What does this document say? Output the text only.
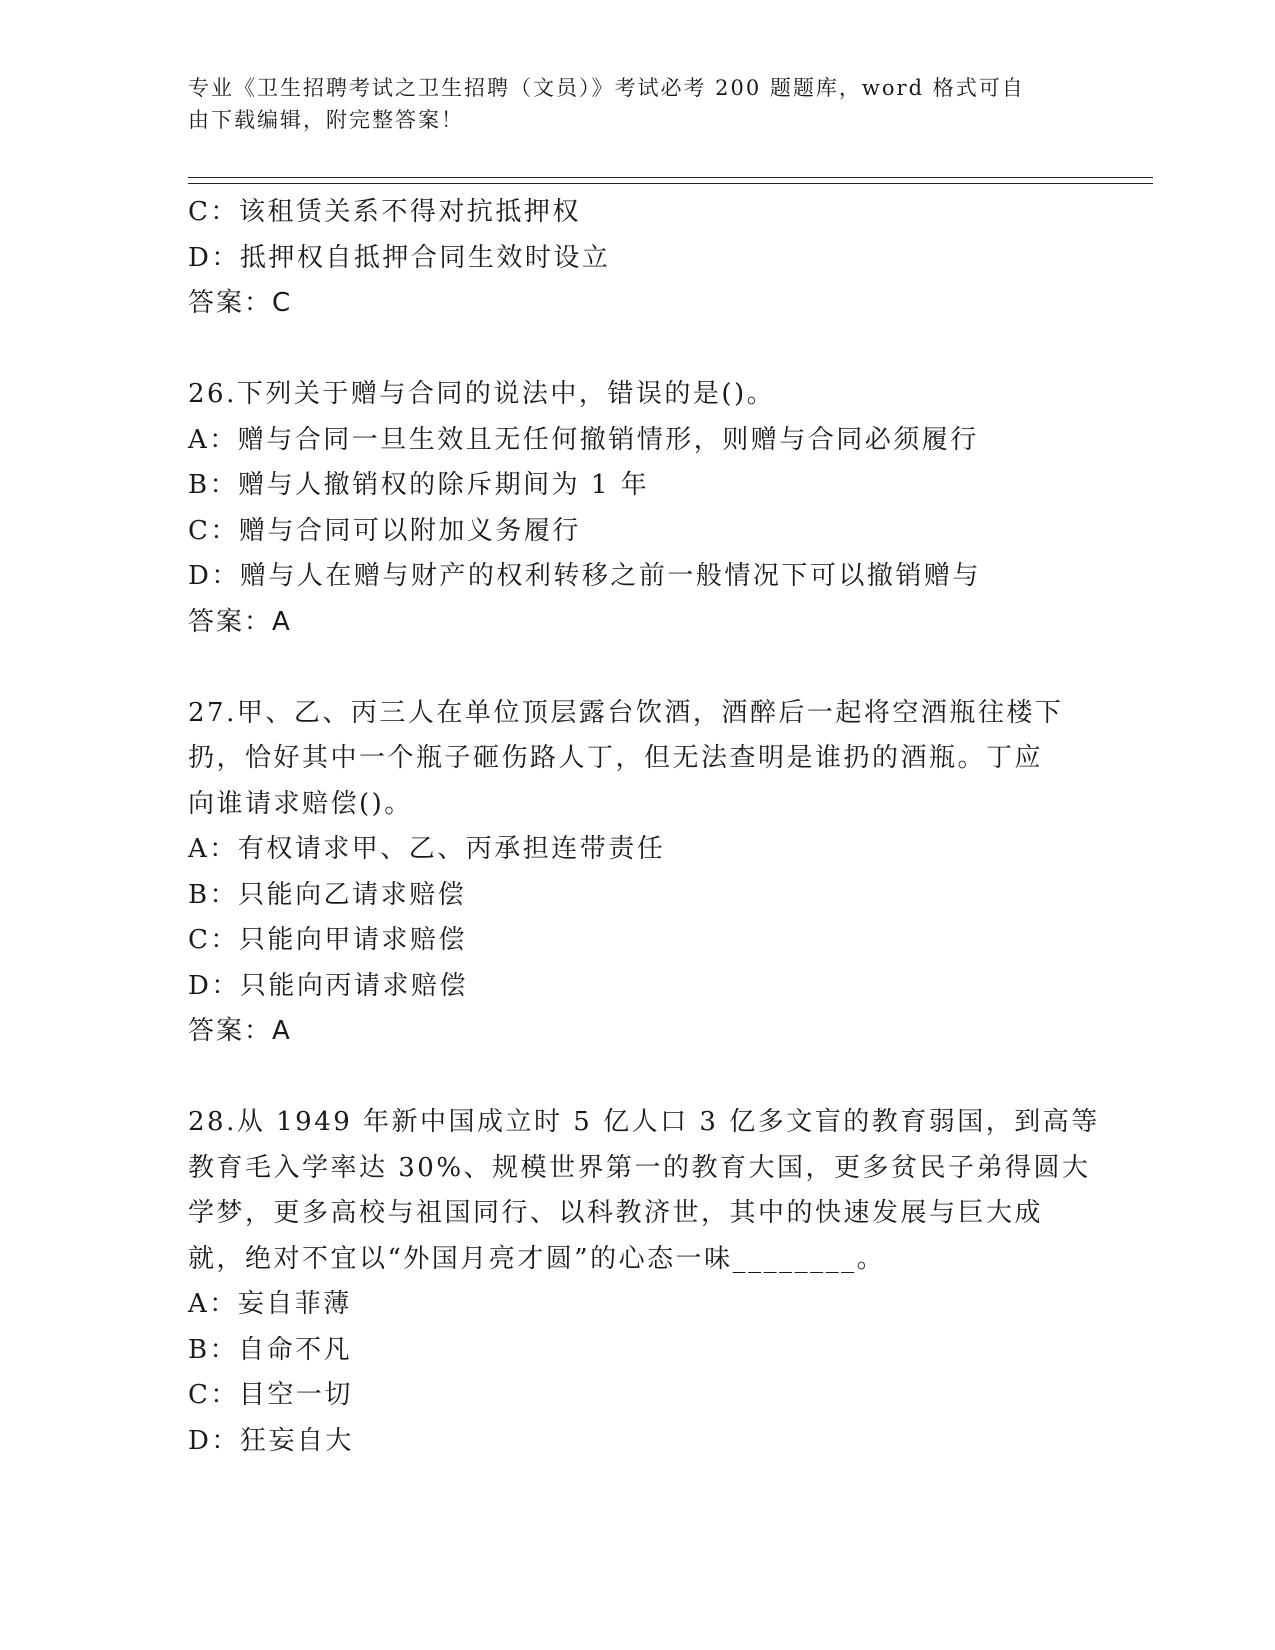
专业《卫生招聘考试之卫生招聘（文员）》考试必考 200 题题库，word 格式可自
由下载编辑，附完整答案！

C：该租赁关系不得对抗抵押权

D：抵押权自抵押合同生效时设立

答案：C

26.下列关于赠与合同的说法中，错误的是()。

A：赠与合同一旦生效且无任何撤销情形，则赠与合同必须履行

B：赠与人撤销权的除斥期间为 1 年

C：赠与合同可以附加义务履行

D：赠与人在赠与财产的权利转移之前一般情况下可以撤销赠与

答案：A

27.甲、乙、丙三人在单位顶层露台饮酒，酒醉后一起将空酒瓶往楼下

扔，恰好其中一个瓶子砸伤路人丁，但无法查明是谁扔的酒瓶。丁应

向谁请求赔偿()。

A：有权请求甲、乙、丙承担连带责任

B：只能向乙请求赔偿

C：只能向甲请求赔偿

D：只能向丙请求赔偿

答案：A

28.从 1949 年新中国成立时 5 亿人口 3 亿多文盲的教育弱国，到高等

教育毛入学率达 30%、规模世界第一的教育大国，更多贫民子弟得圆大

学梦，更多高校与祖国同行、以科教济世，其中的快速发展与巨大成

就，绝对不宜以“外国月亮才圆”的心态一味________。

A：妄自菲薄

B：自命不凡

C：目空一切

D：狂妄自大
